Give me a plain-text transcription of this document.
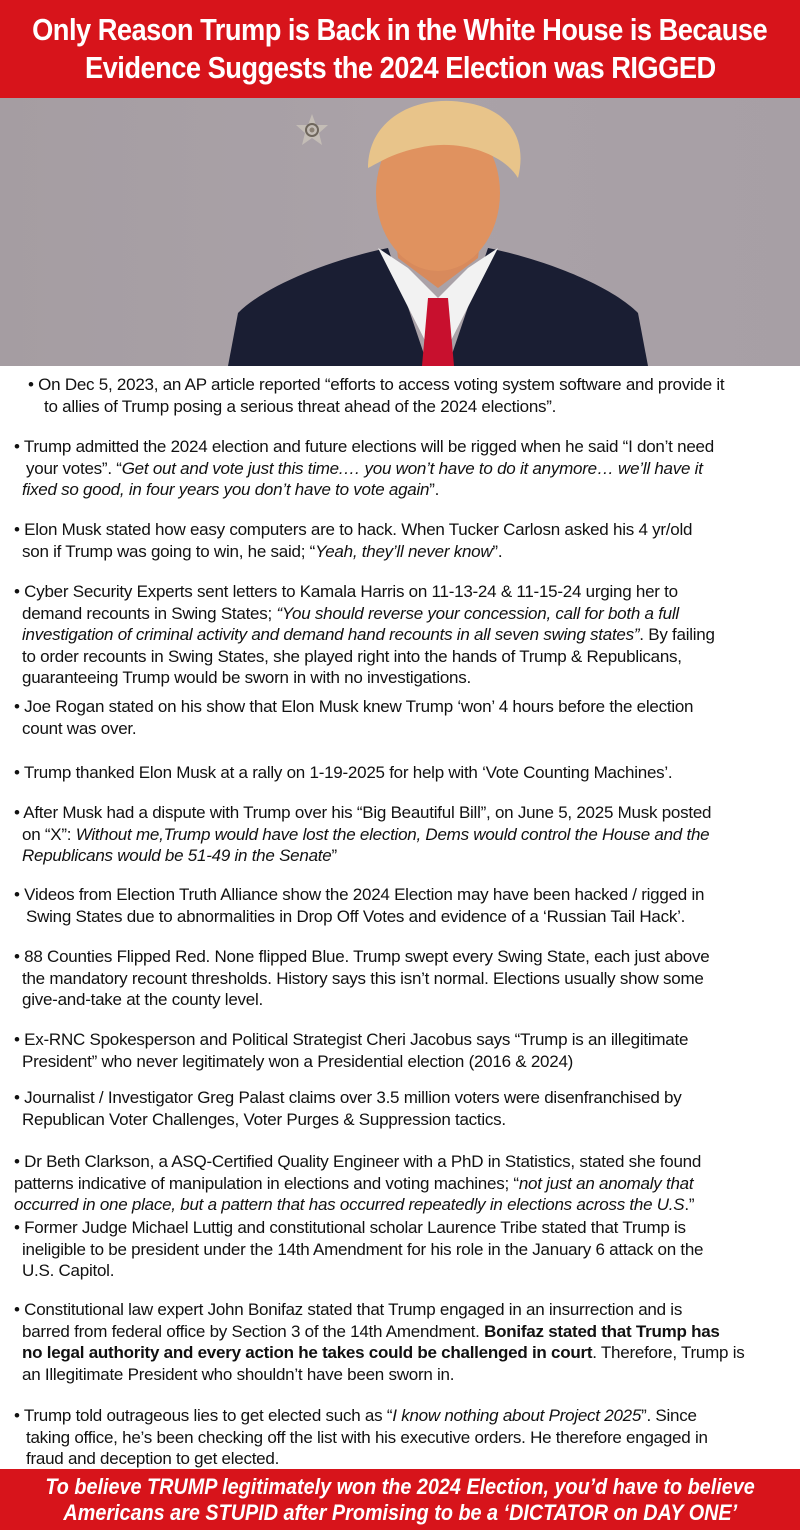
Only Reason Trump is Back in the White House is Because
Evidence Suggests the 2024 Election was RIGGED
• On Dec 5, 2023, an AP article reported “efforts to access voting system software and provide it
to allies of Trump posing a serious threat ahead of the 2024 elections”.
• Trump admitted the 2024 election and future elections will be rigged when he said “I don’t need
your votes”. “Get out and vote just this time.… you won’t have to do it anymore… we’ll have it
fixed so good, in four years you don’t have to vote again”.
• Elon Musk stated how easy computers are to hack. When Tucker Carlosn asked his 4 yr/old
son if Trump was going to win, he said; “Yeah, they’ll never know”.
• Cyber Security Experts sent letters to Kamala Harris on 11-13-24 & 11-15-24 urging her to
demand recounts in Swing States; “You should reverse your concession, call for both a full
investigation of criminal activity and demand hand recounts in all seven swing states”. By failing
to order recounts in Swing States, she played right into the hands of Trump & Republicans,
guaranteeing Trump would be sworn in with no investigations.
• Joe Rogan stated on his show that Elon Musk knew Trump ‘won’ 4 hours before the election
count was over.
• Trump thanked Elon Musk at a rally on 1-19-2025 for help with ‘Vote Counting Machines’.
• After Musk had a dispute with Trump over his “Big Beautiful Bill”, on June 5, 2025 Musk posted
on “X”: Without me,Trump would have lost the election, Dems would control the House and the
Republicans would be 51-49 in the Senate”
• Videos from Election Truth Alliance show the 2024 Election may have been hacked / rigged in
Swing States due to abnormalities in Drop Off Votes and evidence of a ‘Russian Tail Hack’.
• 88 Counties Flipped Red. None flipped Blue. Trump swept every Swing State, each just above
the mandatory recount thresholds. History says this isn’t normal. Elections usually show some
give-and-take at the county level.
• Ex-RNC Spokesperson and Political Strategist Cheri Jacobus says “Trump is an illegitimate
President” who never legitimately won a Presidential election (2016 & 2024)
• Journalist / Investigator Greg Palast claims over 3.5 million voters were disenfranchised by
Republican Voter Challenges, Voter Purges & Suppression tactics.
• Dr Beth Clarkson, a ASQ-Certified Quality Engineer with a PhD in Statistics, stated she found
patterns indicative of manipulation in elections and voting machines; “not just an anomaly that
occurred in one place, but a pattern that has occurred repeatedly in elections across the U.S.”
• Former Judge Michael Luttig and constitutional scholar Laurence Tribe stated that Trump is
ineligible to be president under the 14th Amendment for his role in the January 6 attack on the
U.S. Capitol.
• Constitutional law expert John Bonifaz stated that Trump engaged in an insurrection and is
barred from federal office by Section 3 of the 14th Amendment. Bonifaz stated that Trump has
no legal authority and every action he takes could be challenged in court. Therefore, Trump is
an Illegitimate President who shouldn’t have been sworn in.
• Trump told outrageous lies to get elected such as “I know nothing about Project 2025”. Since
taking office, he’s been checking off the list with his executive orders. He therefore engaged in
fraud and deception to get elected.
To believe TRUMP legitimately won the 2024 Election, you’d have to believe
Americans are STUPID after Promising to be a ‘DICTATOR on DAY ONE’
